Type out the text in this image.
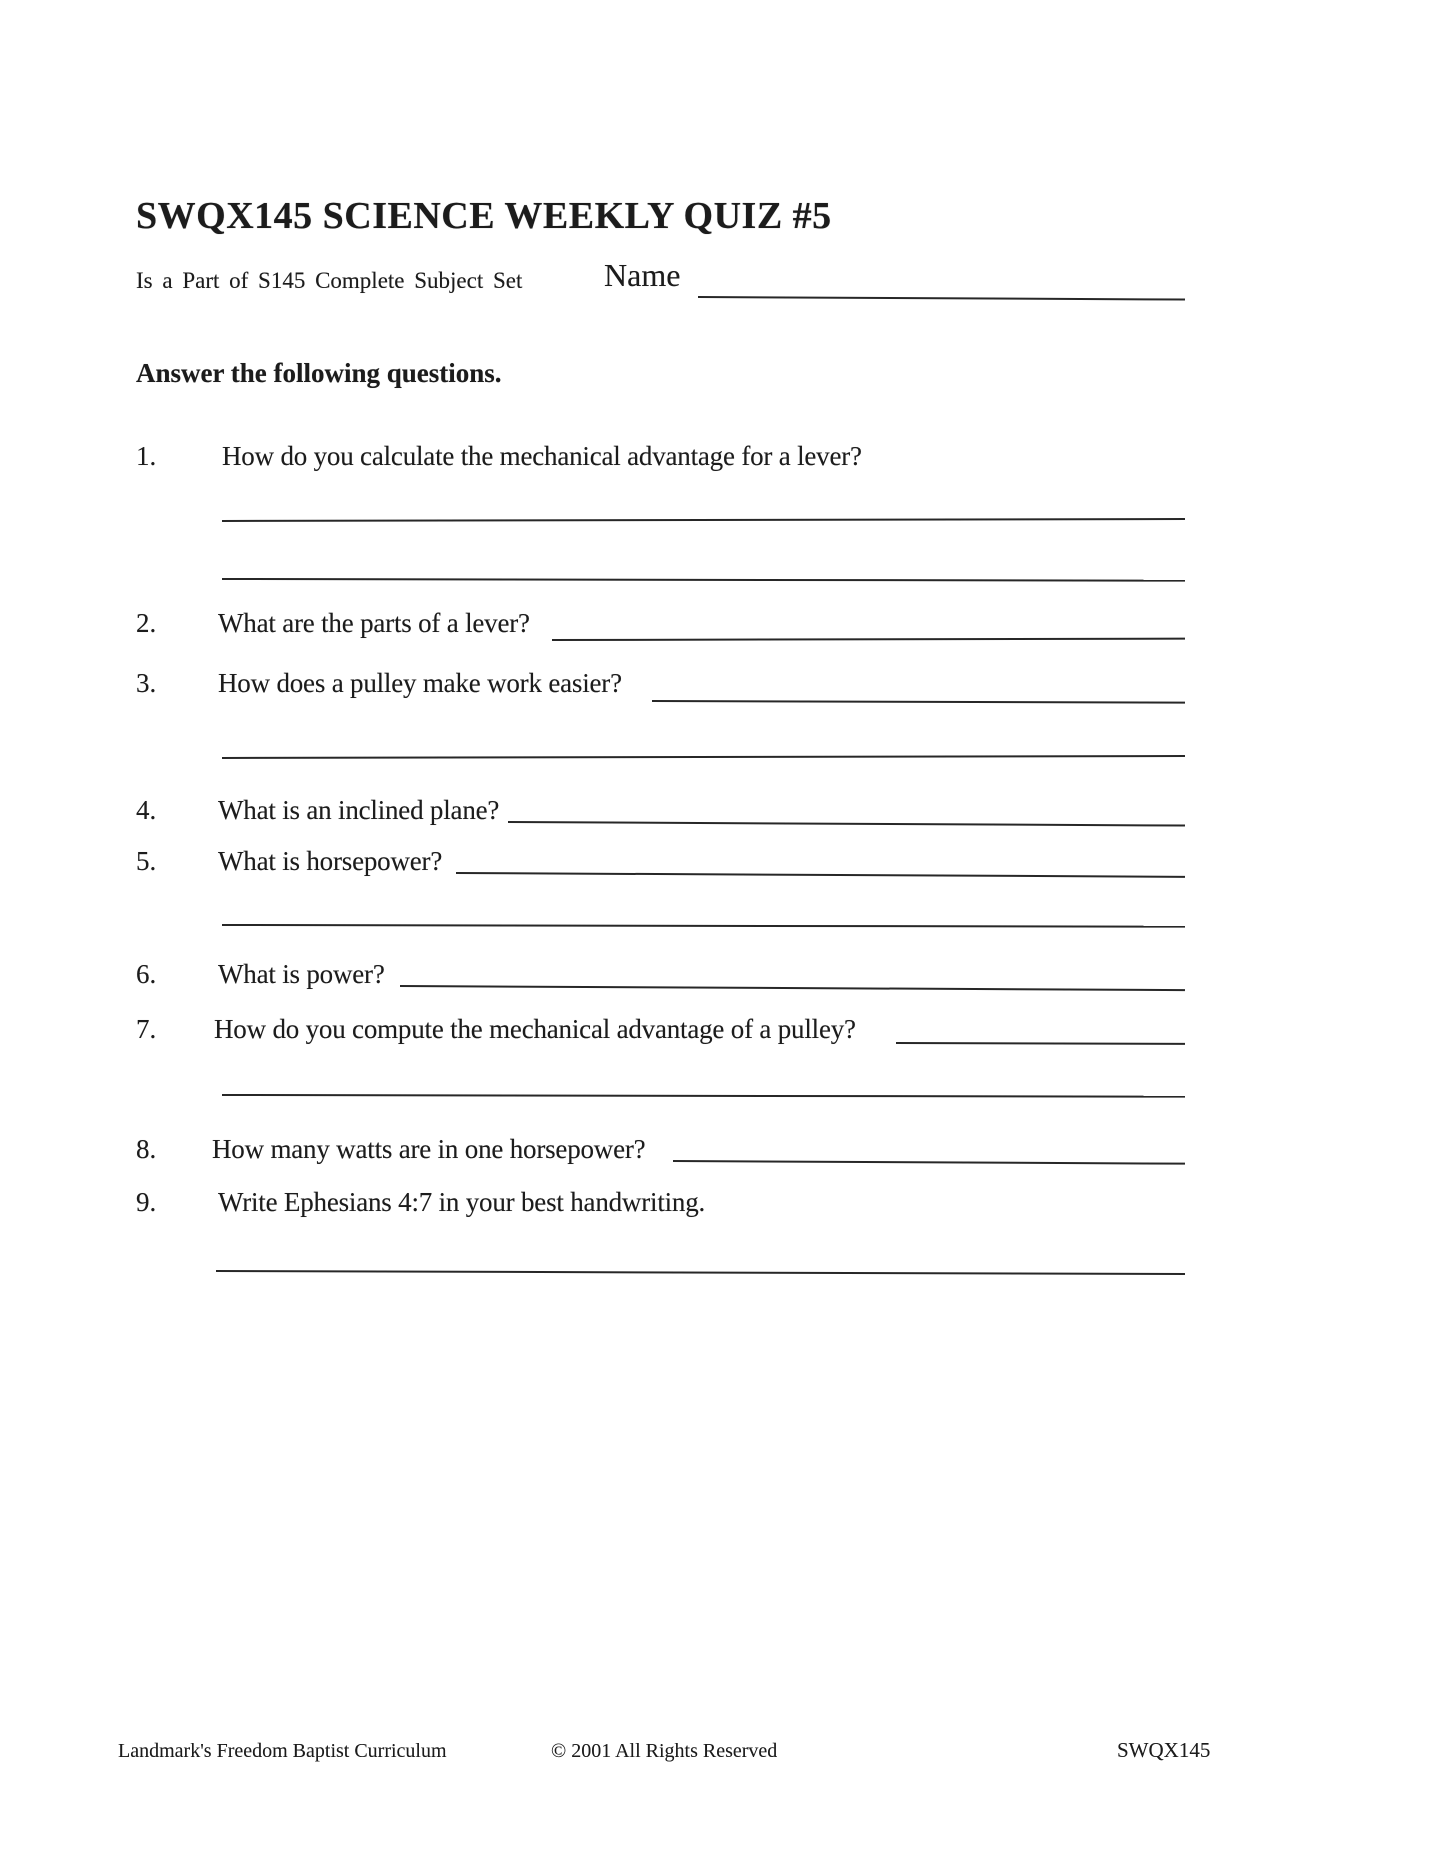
SWQX145 SCIENCE WEEKLY QUIZ #5
Is a Part of S145 Complete Subject Set	Name
Answer the following questions.
1. How do you calculate the mechanical advantage for a lever?
2. What are the parts of a lever?
3. How does a pulley make work easier?
4. What is an inclined plane?
5. What is horsepower?
6. What is power?
7. How do you compute the mechanical advantage of a pulley?
8. How many watts are in one horsepower?
9. Write Ephesians 4:7 in your best handwriting.
Landmark's Freedom Baptist Curriculum	© 2001 All Rights Reserved	SWQX145
